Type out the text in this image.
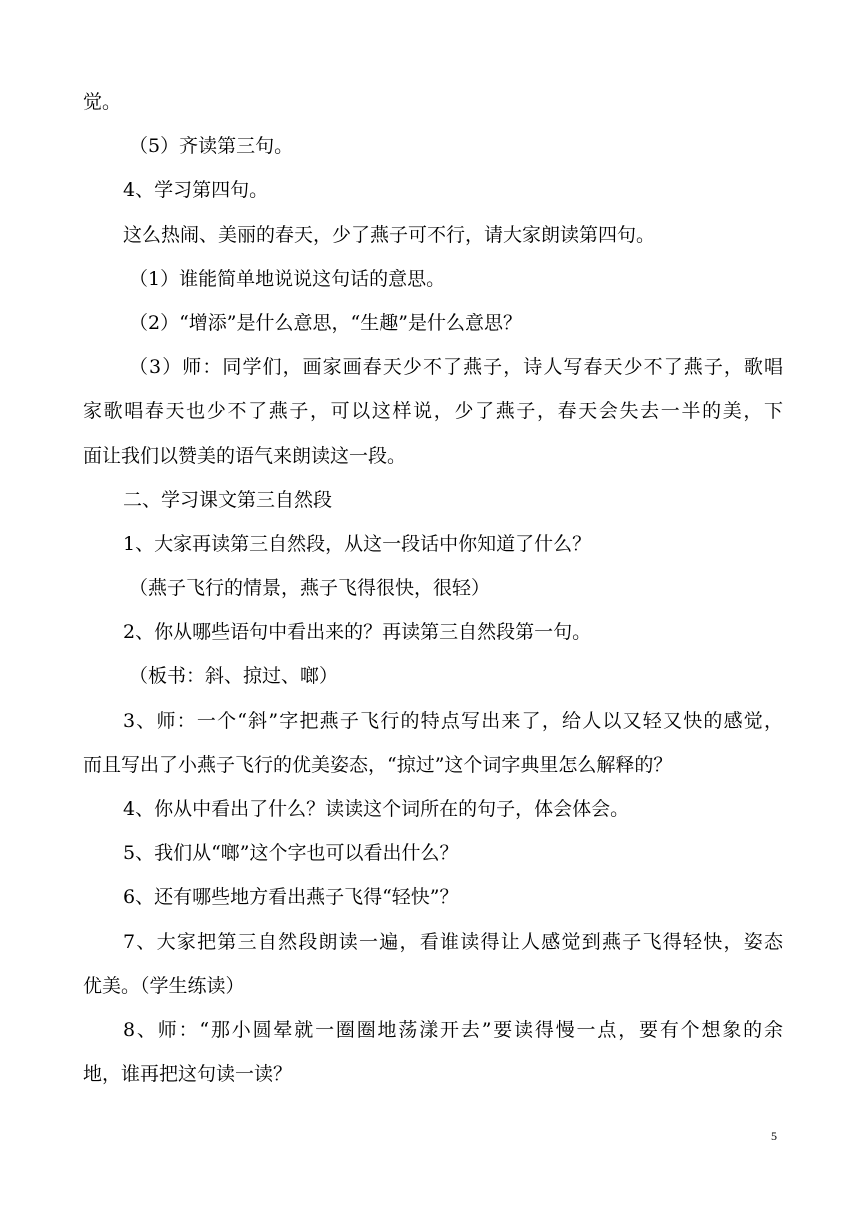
觉。

（5）齐读第三句。

4、学习第四句。

这么热闹、美丽的春天，少了燕子可不行，请大家朗读第四句。

（1）谁能简单地说说这句话的意思。

（2）“增添”是什么意思，“生趣”是什么意思？

（3）师：同学们，画家画春天少不了燕子，诗人写春天少不了燕子，歌唱

家歌唱春天也少不了燕子，可以这样说，少了燕子，春天会失去一半的美，下

面让我们以赞美的语气来朗读这一段。

二、学习课文第三自然段

1、大家再读第三自然段，从这一段话中你知道了什么？

（燕子飞行的情景，燕子飞得很快，很轻）

2、你从哪些语句中看出来的？再读第三自然段第一句。

（板书：斜、掠过、啷）

3、师：一个“斜”字把燕子飞行的特点写出来了，给人以又轻又快的感觉，

而且写出了小燕子飞行的优美姿态，“掠过”这个词字典里怎么解释的？

4、你从中看出了什么？读读这个词所在的句子，体会体会。

5、我们从“啷”这个字也可以看出什么？

6、还有哪些地方看出燕子飞得“轻快”？

7、大家把第三自然段朗读一遍，看谁读得让人感觉到燕子飞得轻快，姿态

优美。（学生练读）

8、师：“那小圆晕就一圈圈地荡漾开去”要读得慢一点，要有个想象的余

地，谁再把这句读一读？

5
